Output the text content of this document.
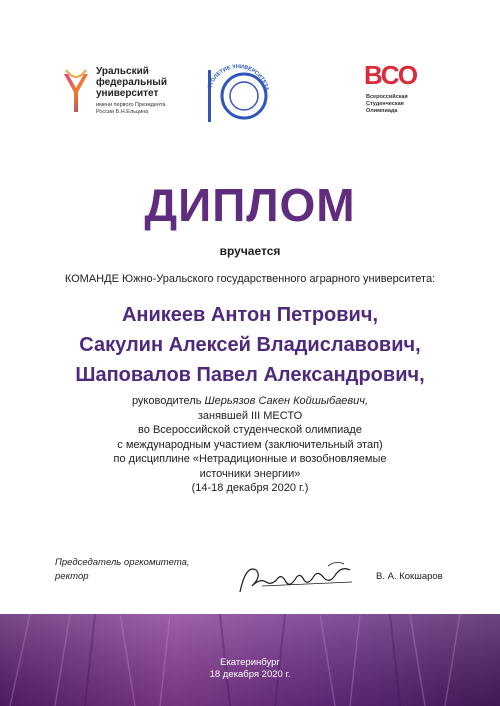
Уральский
федеральный
университет
имени первого Президента
России Б.Н.Ельцина
СТОЛЕТИЕ УНИВЕРСИТЕТА	ВСО
Всероссийская
Студенческая
Олимпиада
ДИПЛОМ
вручается
КОМАНДЕ Южно-Уральского государственного аграрного университета:
Аникеев Антон Петрович,
Сакулин Алексей Владиславович,
Шаповалов Павел Александрович,
руководитель Шерьязов Сакен Койшыбаевич,
занявшей III МЕСТО
во Всероссийской студенческой олимпиаде
с международным участием (заключительный этап)
по дисциплине «Нетрадиционные и возобновляемые
источники энергии»
(14-18 декабря 2020 г.)
Председатель оргкомитета,
ректор	В. А. Кокшаров
Екатеринбург
18 декабря 2020 г.
